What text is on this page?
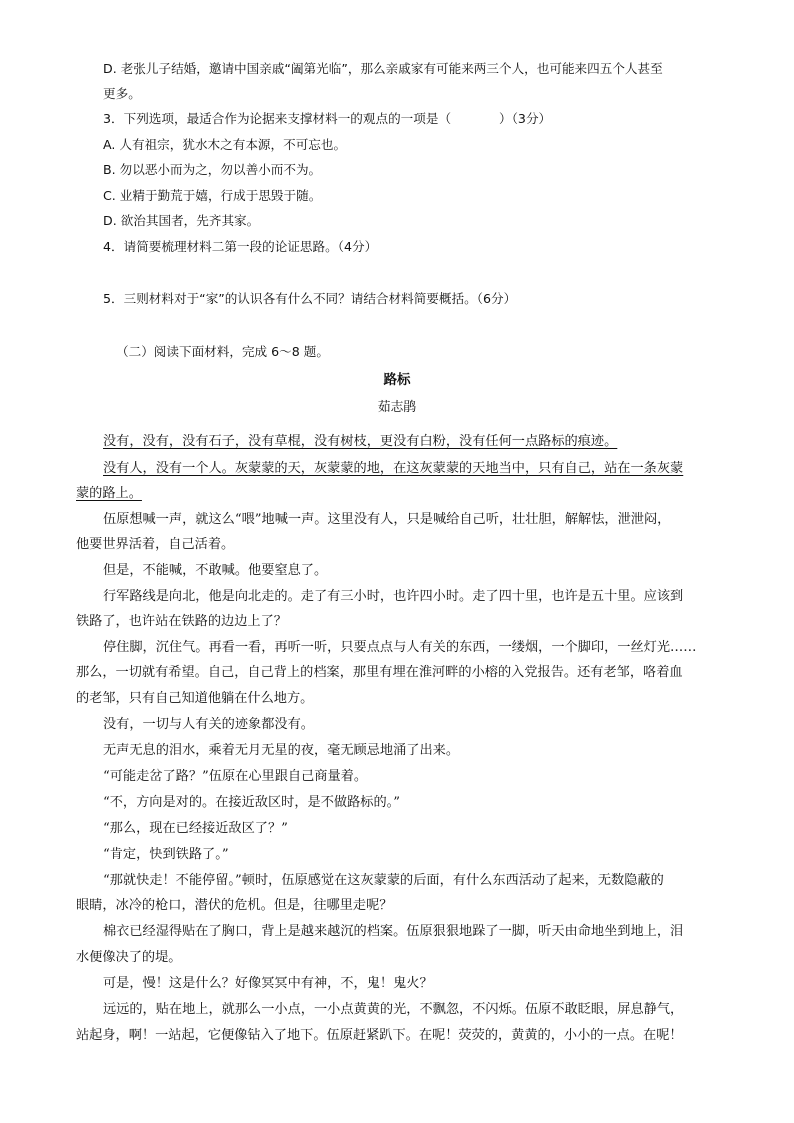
D. 老张儿子结婚，邀请中国亲戚“阖第光临”，那么亲戚家有可能来两三个人，也可能来四五个人甚至
更多。
3．下列选项，最适合作为论据来支撑材料一的观点的一项是（	）（3分）
A. 人有祖宗，犹水木之有本源，不可忘也。
B. 勿以恶小而为之，勿以善小而不为。
C. 业精于勤荒于嬉，行成于思毁于随。
D. 欲治其国者，先齐其家。
4．请简要梳理材料二第一段的论证思路。（4分）
5．三则材料对于“家”的认识各有什么不同？请结合材料简要概括。（6分）
（二）阅读下面材料，完成 6～8 题。
路标
茹志鹃
没有，没有，没有石子，没有草棍，没有树枝，更没有白粉，没有任何一点路标的痕迹。
没有人，没有一个人。灰蒙蒙的天，灰蒙蒙的地，在这灰蒙蒙的天地当中，只有自己，站在一条灰蒙
蒙的路上。
伍原想喊一声，就这么“喂”地喊一声。这里没有人，只是喊给自己听，壮壮胆，解解怯，泄泄闷，
他要世界活着，自己活着。
但是，不能喊，不敢喊。他要窒息了。
行军路线是向北，他是向北走的。走了有三小时，也许四小时。走了四十里，也许是五十里。应该到
铁路了，也许站在铁路的边边上了？
停住脚，沉住气。再看一看，再听一听，只要点点与人有关的东西，一缕烟，一个脚印，一丝灯光……
那么，一切就有希望。自己，自己背上的档案，那里有埋在淮河畔的小榕的入党报告。还有老邹，咯着血
的老邹，只有自己知道他躺在什么地方。
没有，一切与人有关的迹象都没有。
无声无息的泪水，乘着无月无星的夜，毫无顾忌地涌了出来。
“可能走岔了路？”伍原在心里跟自己商量着。
“不，方向是对的。在接近敌区时，是不做路标的。”
“那么，现在已经接近敌区了？”
“肯定，快到铁路了。”
“那就快走！不能停留。”顿时，伍原感觉在这灰蒙蒙的后面，有什么东西活动了起来，无数隐蔽的
眼睛，冰冷的枪口，潜伏的危机。但是，往哪里走呢？
棉衣已经湿得贴在了胸口，背上是越来越沉的档案。伍原狠狠地跺了一脚，听天由命地坐到地上，泪
水便像决了的堤。
可是，慢！这是什么？好像冥冥中有神，不，鬼！鬼火？
远远的，贴在地上，就那么一小点，一小点黄黄的光，不飘忽，不闪烁。伍原不敢眨眼，屏息静气，
站起身，啊！一站起，它便像钻入了地下。伍原赶紧趴下。在呢！荧荧的，黄黄的，小小的一点。在呢！
